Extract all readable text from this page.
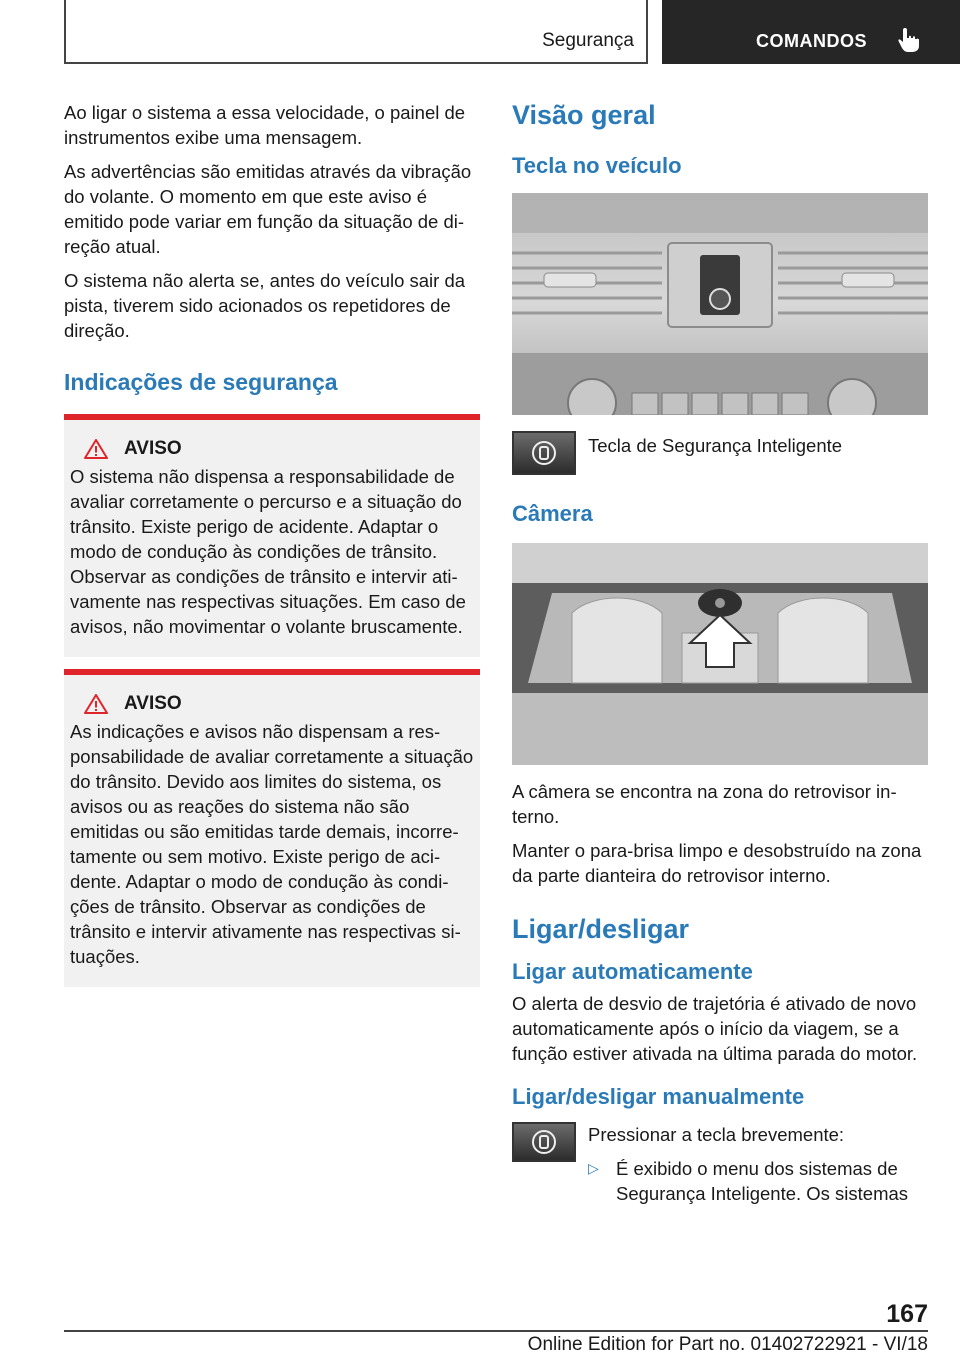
Segurança	COMANDOS

Ao ligar o sistema a essa velocidade, o painel de instrumentos exibe uma mensagem.

As advertências são emitidas através da vibração do volante. O momento em que este aviso é emitido pode variar em função da situação de direção atual.

O sistema não alerta se, antes do veículo sair da pista, tiverem sido acionados os repetidores de direção.

Indicações de segurança
AVISO

O sistema não dispensa a responsabilidade de avaliar corretamente o percurso e a situação do trânsito. Existe perigo de acidente. Adaptar o modo de condução às condições de trânsito. Observar as condições de trânsito e intervir ativamente nas respectivas situações. Em caso de avisos, não movimentar o volante bruscamente.

AVISO

As indicações e avisos não dispensam a responsabilidade de avaliar corretamente a situação do trânsito. Devido aos limites do sistema, os avisos ou as reações do sistema não são emitidas ou são emitidas tarde demais, incorretamente ou sem motivo. Existe perigo de acidente. Adaptar o modo de condução às condições de trânsito. Observar as condições de trânsito e intervir ativamente nas respectivas situações.

Visão geral
Tecla no veículo

Tecla de Segurança Inteligente

Câmera

A câmera se encontra na zona do retrovisor interno.

Manter o para-brisa limpo e desobstruído na zona da parte dianteira do retrovisor interno.

Ligar/desligar
Ligar automaticamente

O alerta de desvio de trajetória é ativado de novo automaticamente após o início da viagem, se a função estiver ativada na última parada do motor.

Ligar/desligar manualmente

Pressionar a tecla brevemente:

▷ É exibido o menu dos sistemas de Segurança Inteligente. Os sistemas

167
Online Edition for Part no. 01402722921 - VI/18
